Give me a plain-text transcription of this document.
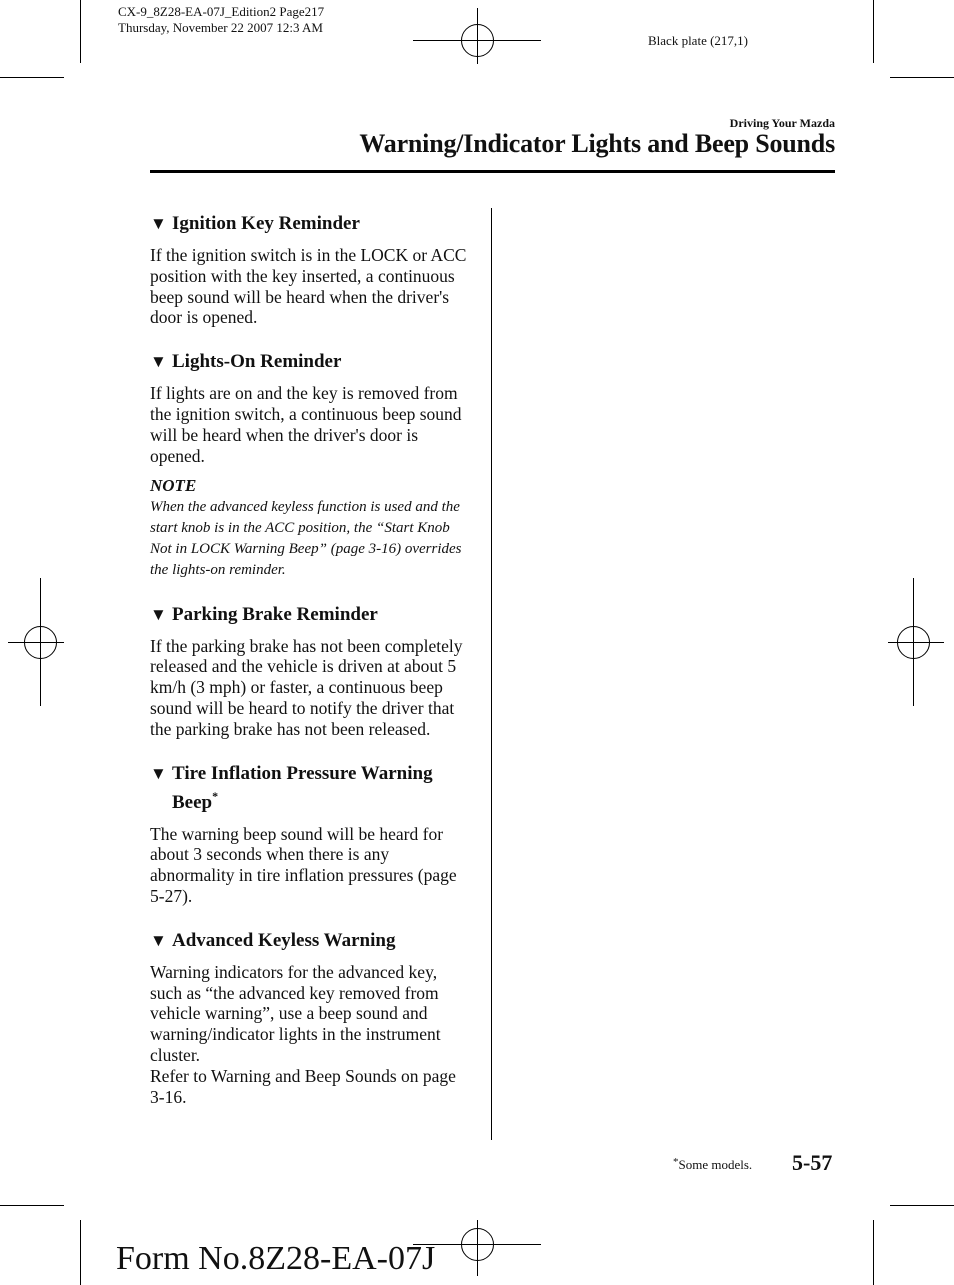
CX-9_8Z28-EA-07J_Edition2 Page217
Thursday, November 22 2007 12:3 AM
Black plate (217,1)
Driving Your Mazda
Warning/Indicator Lights and Beep Sounds
▼ Ignition Key Reminder

If the ignition switch is in the LOCK or ACC position with the key inserted, a continuous beep sound will be heard when the driver's door is opened.

▼ Lights-On Reminder

If lights are on and the key is removed from the ignition switch, a continuous beep sound will be heard when the driver's door is opened.

NOTE

When the advanced keyless function is used and the start knob is in the ACC position, the “Start Knob Not in LOCK Warning Beep” (page 3-16) overrides the lights-on reminder.

▼ Parking Brake Reminder

If the parking brake has not been completely released and the vehicle is driven at about 5 km/h (3 mph) or faster, a continuous beep sound will be heard to notify the driver that the parking brake has not been released.

▼ Tire Inflation Pressure Warning Beep*

The warning beep sound will be heard for about 3 seconds when there is any abnormality in tire inflation pressures (page 5-27).

▼ Advanced Keyless Warning

Warning indicators for the advanced key, such as “the advanced key removed from vehicle warning”, use a beep sound and warning/indicator lights in the instrument cluster.

Refer to Warning and Beep Sounds on page 3-16.

*Some models. 5-57
Form No.8Z28-EA-07J
